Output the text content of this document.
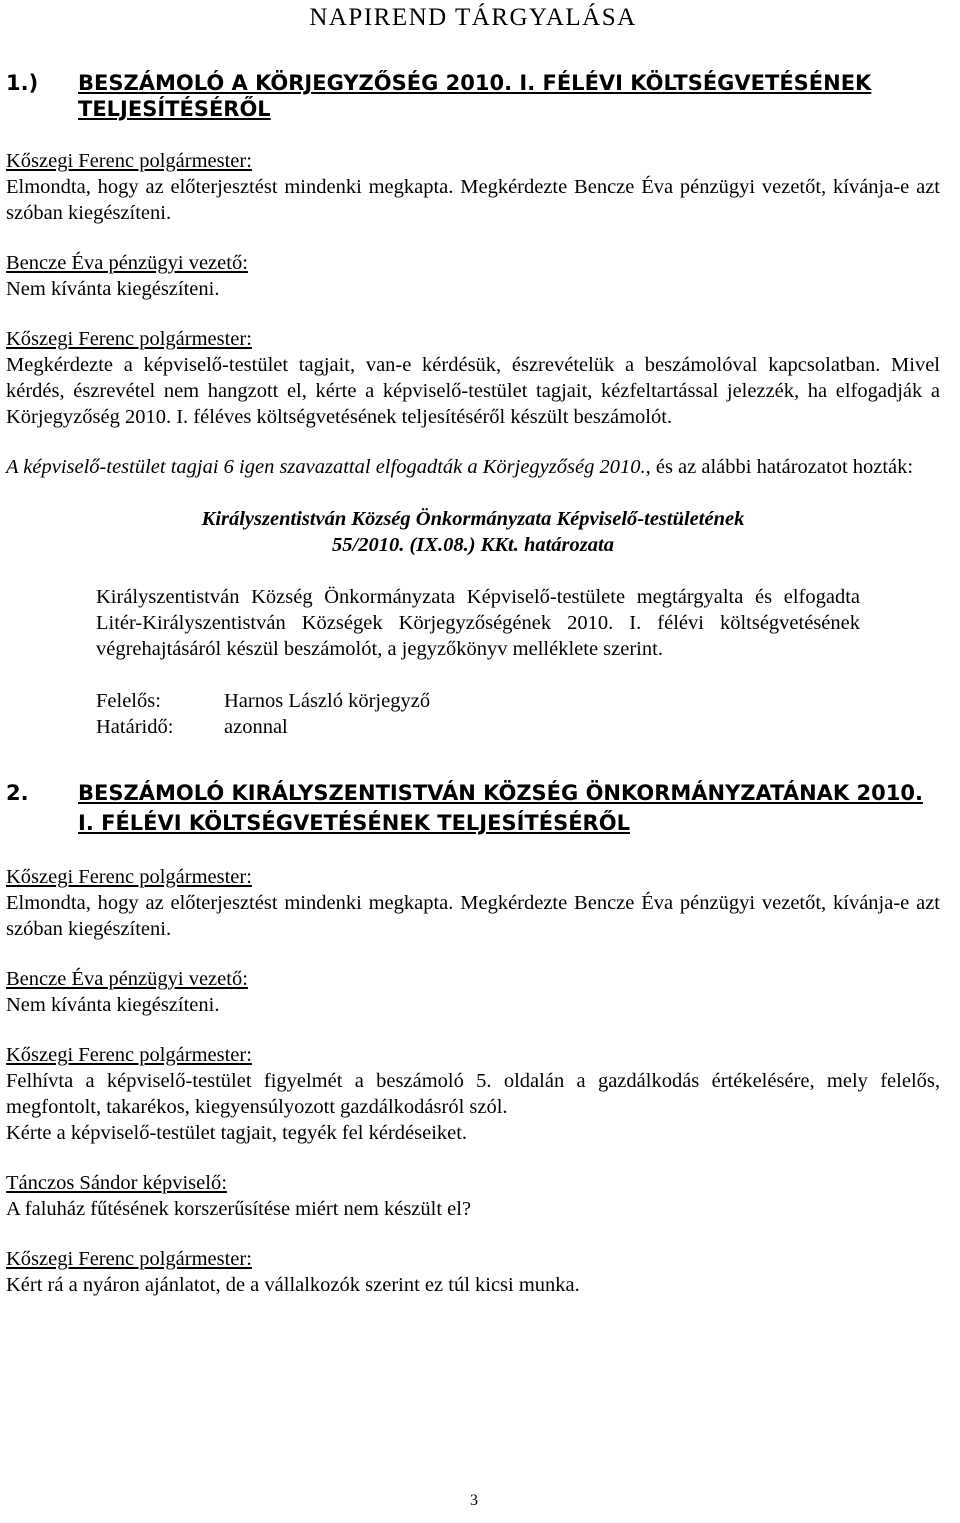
NAPIREND TÁRGYALÁSA
1.)	BESZÁMOLÓ A KÖRJEGYZŐSÉG 2010. I. FÉLÉVI KÖLTSÉGVETÉSÉNEK TELJESÍTÉSÉRŐL
Kőszegi Ferenc polgármester:

Elmondta, hogy az előterjesztést mindenki megkapta. Megkérdezte Bencze Éva pénzügyi vezetőt, kívánja-e azt szóban kiegészíteni.

Bencze Éva pénzügyi vezető:

Nem kívánta kiegészíteni.

Kőszegi Ferenc polgármester:

Megkérdezte a képviselő-testület tagjait, van-e kérdésük, észrevételük a beszámolóval kapcsolatban. Mivel kérdés, észrevétel nem hangzott el, kérte a képviselő-testület tagjait, kézfeltartással jelezzék, ha elfogadják a Körjegyzőség 2010. I. féléves költségvetésének teljesítéséről készült beszámolót.

A képviselő-testület tagjai 6 igen szavazattal elfogadták a Körjegyzőség 2010., és az alábbi határozatot hozták:

Királyszentistván Község Önkormányzata Képviselő-testületének
55/2010. (IX.08.) KKt. határozata
Királyszentistván Község Önkormányzata Képviselő-testülete megtárgyalta és elfogadta Litér-Királyszentistván Községek Körjegyzőségének 2010. I. félévi költségvetésének végrehajtásáról készül beszámolót, a jegyzőkönyv melléklete szerint.
Felelős:	Harnos László körjegyző
Határidő:	azonnal
2.	BESZÁMOLÓ KIRÁLYSZENTISTVÁN KÖZSÉG ÖNKORMÁNYZATÁNAK 2010. I. FÉLÉVI KÖLTSÉGVETÉSÉNEK TELJESÍTÉSÉRŐL
Kőszegi Ferenc polgármester:

Elmondta, hogy az előterjesztést mindenki megkapta. Megkérdezte Bencze Éva pénzügyi vezetőt, kívánja-e azt szóban kiegészíteni.

Bencze Éva pénzügyi vezető:

Nem kívánta kiegészíteni.

Kőszegi Ferenc polgármester:

Felhívta a képviselő-testület figyelmét a beszámoló 5. oldalán a gazdálkodás értékelésére, mely felelős, megfontolt, takarékos, kiegyensúlyozott gazdálkodásról szól.

Kérte a képviselő-testület tagjait, tegyék fel kérdéseiket.

Tánczos Sándor képviselő:

A faluház fűtésének korszerűsítése miért nem készült el?

Kőszegi Ferenc polgármester:

Kért rá a nyáron ajánlatot, de a vállalkozók szerint ez túl kicsi munka.

3
